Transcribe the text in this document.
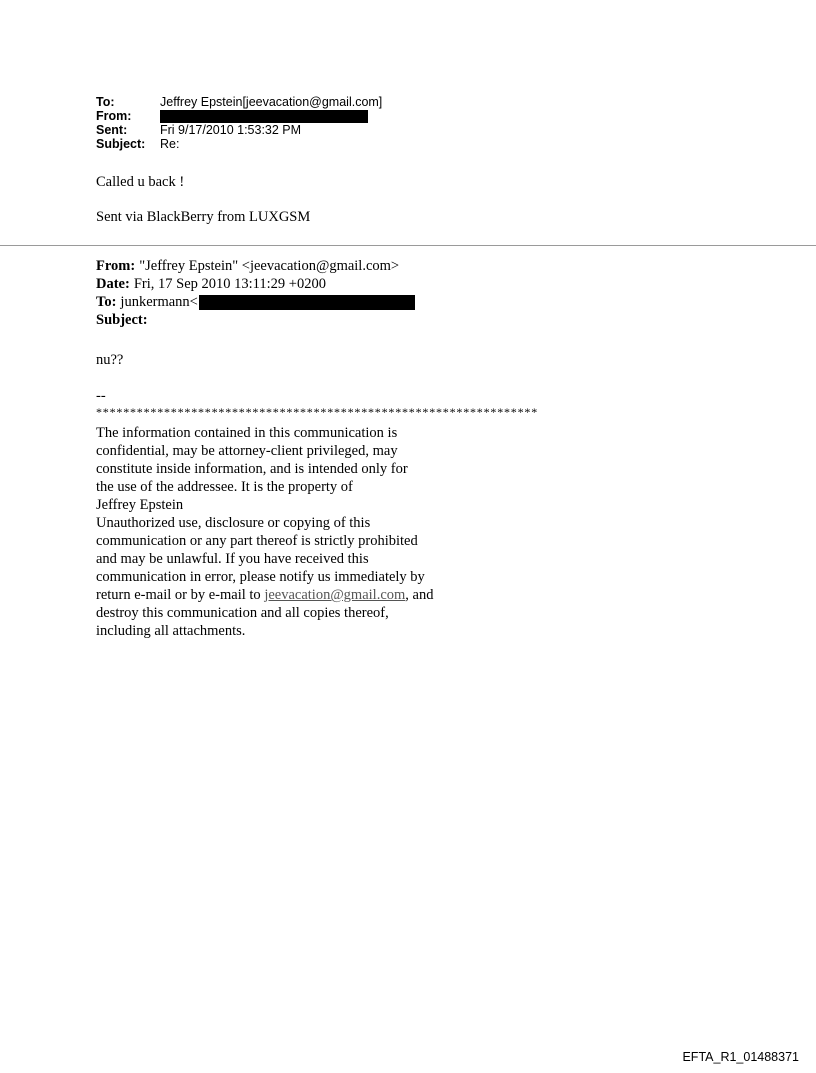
To:	Jeffrey Epstein[jeevacation@gmail.com]
From:
Sent:	Fri 9/17/2010 1:53:32 PM
Subject:	Re:
Called u back !
Sent via BlackBerry from LUXGSM
From: "Jeffrey Epstein" <jeevacation@gmail.com>
Date: Fri, 17 Sep 2010 13:11:29 +0200
To: junkermann<
Subject:
nu??
--
*****************************************************************

The information contained in this communication is

confidential, may be attorney-client privileged, may

constitute inside information, and is intended only for

the use of the addressee. It is the property of

Jeffrey Epstein

Unauthorized use, disclosure or copying of this

communication or any part thereof is strictly prohibited

and may be unlawful. If you have received this

communication in error, please notify us immediately by

return e-mail or by e-mail to jeevacation@gmail.com, and

destroy this communication and all copies thereof,

including all attachments.

EFTA_R1_01488371
